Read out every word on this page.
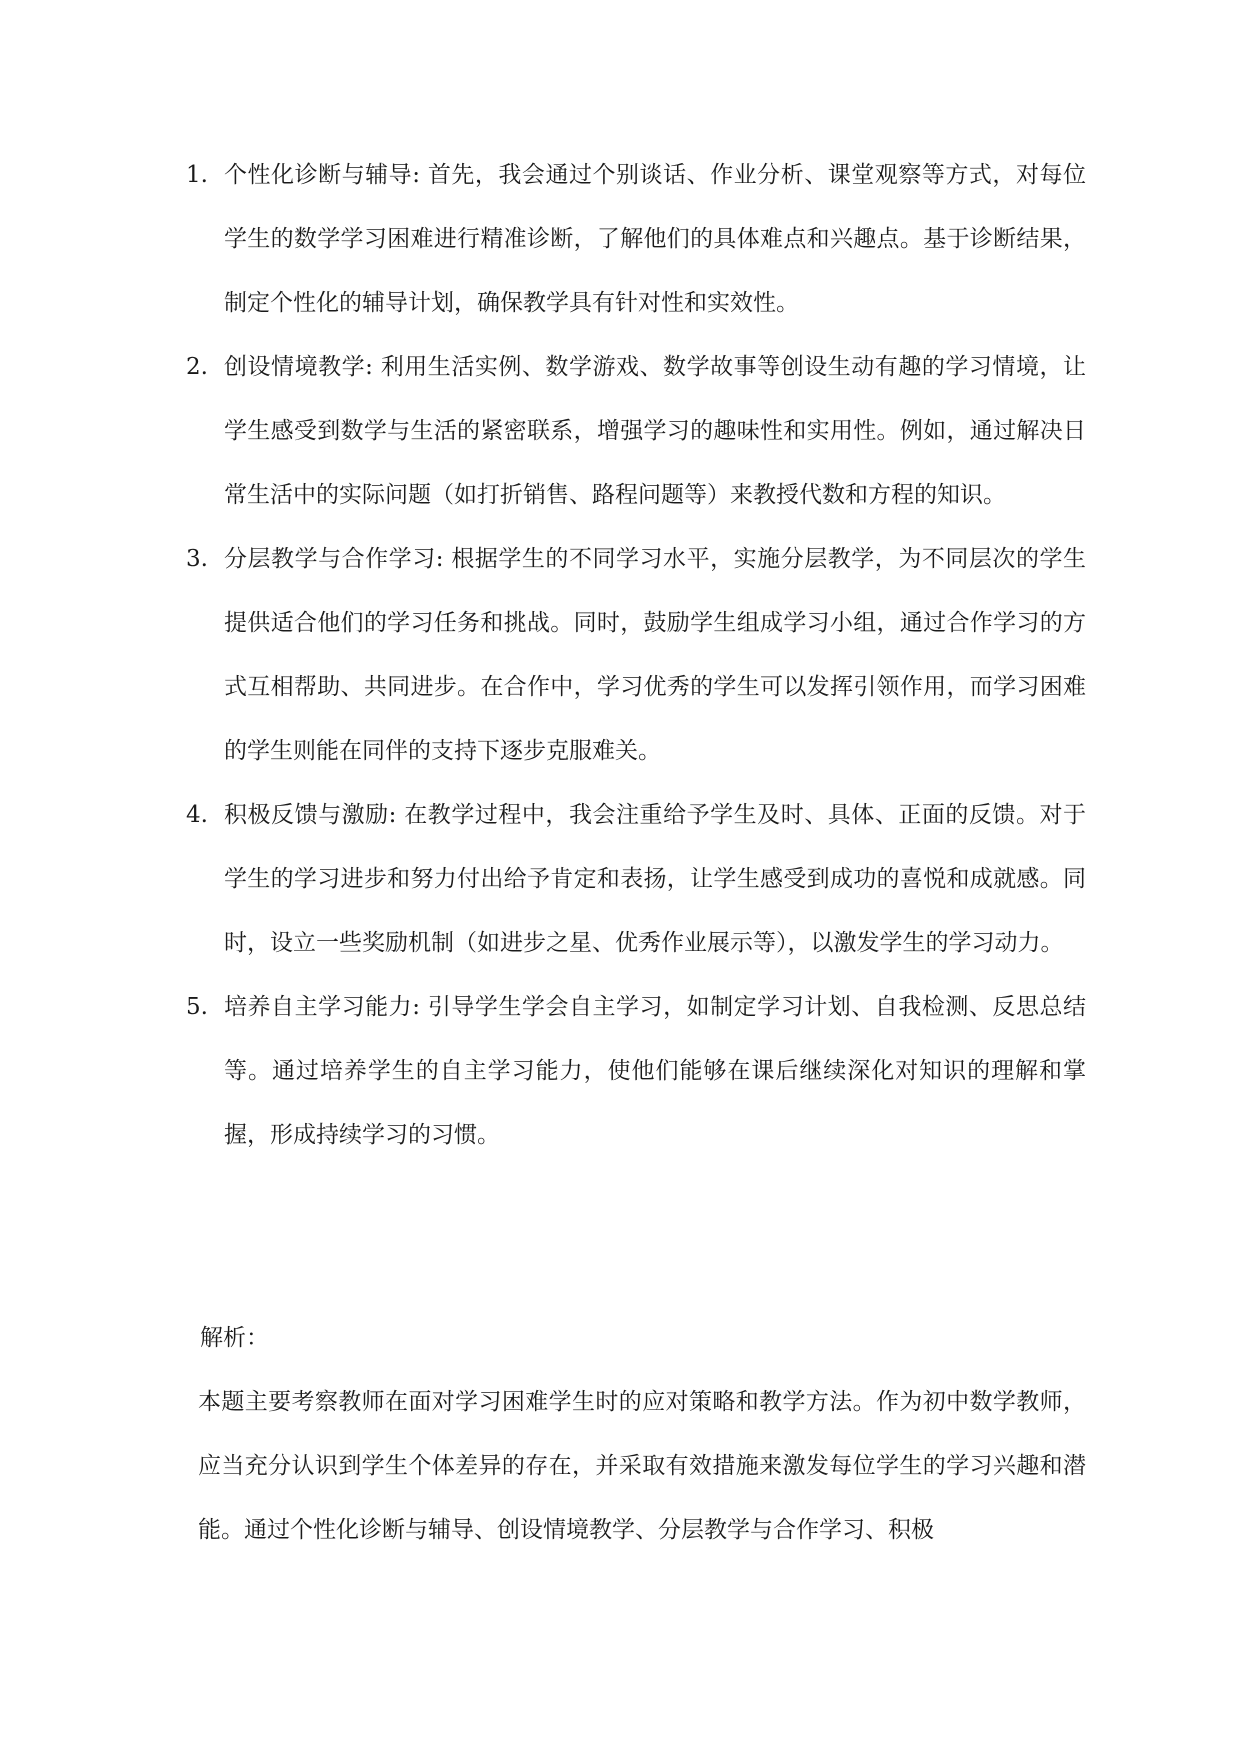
1. 个性化诊断与辅导: 首先，我会通过个别谈话、作业分析、课堂观察等方式，对每位学生的数学学习困难进行精准诊断，了解他们的具体难点和兴趣点。基于诊断结果，制定个性化的辅导计划，确保教学具有针对性和实效性。
2. 创设情境教学: 利用生活实例、数学游戏、数学故事等创设生动有趣的学习情境，让学生感受到数学与生活的紧密联系，增强学习的趣味性和实用性。例如，通过解决日常生活中的实际问题（如打折销售、路程问题等）来教授代数和方程的知识。
3. 分层教学与合作学习: 根据学生的不同学习水平，实施分层教学，为不同层次的学生提供适合他们的学习任务和挑战。同时，鼓励学生组成学习小组，通过合作学习的方式互相帮助、共同进步。在合作中，学习优秀的学生可以发挥引领作用，而学习困难的学生则能在同伴的支持下逐步克服难关。
4. 积极反馈与激励: 在教学过程中，我会注重给予学生及时、具体、正面的反馈。对于学生的学习进步和努力付出给予肯定和表扬，让学生感受到成功的喜悦和成就感。同时，设立一些奖励机制（如进步之星、优秀作业展示等），以激发学生的学习动力。
5. 培养自主学习能力: 引导学生学会自主学习，如制定学习计划、自我检测、反思总结等。通过培养学生的自主学习能力，使他们能够在课后继续深化对知识的理解和掌握，形成持续学习的习惯。
解析：
本题主要考察教师在面对学习困难学生时的应对策略和教学方法。作为初中数学教师，应当充分认识到学生个体差异的存在，并采取有效措施来激发每位学生的学习兴趣和潜能。通过个性化诊断与辅导、创设情境教学、分层教学与合作学习、积极
